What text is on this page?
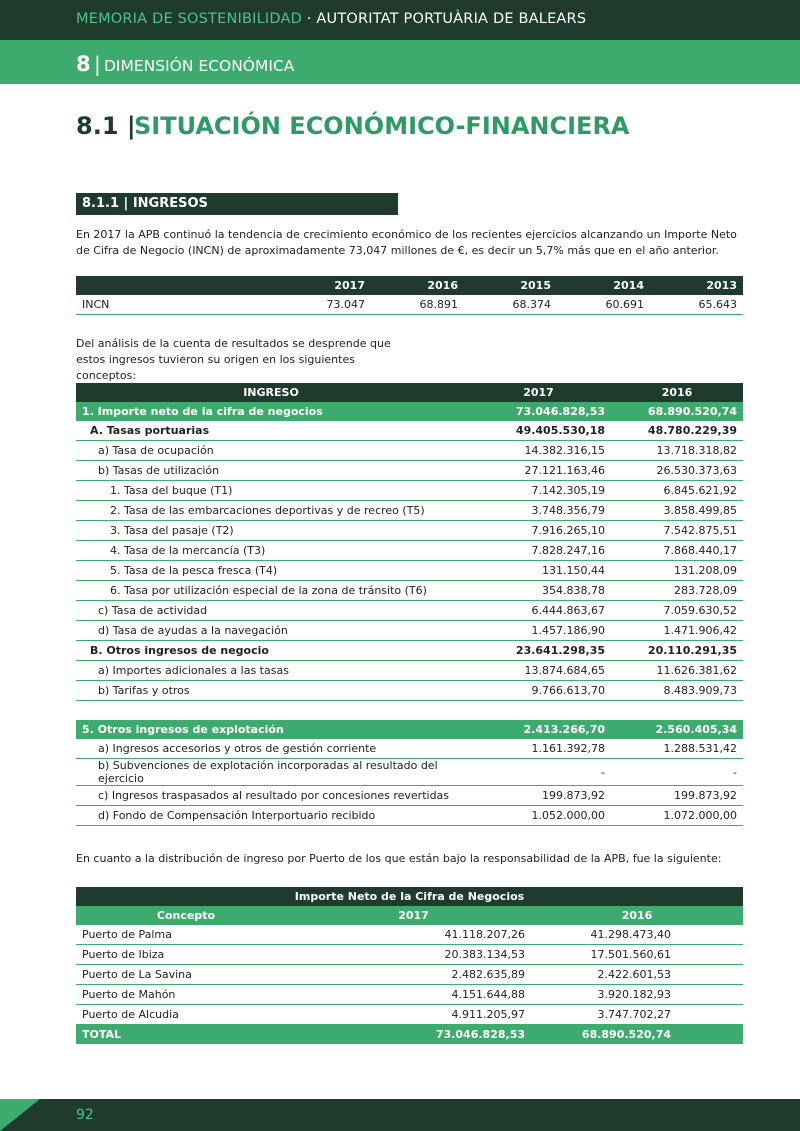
MEMORIA DE SOSTENIBILIDAD · AUTORITAT PORTUÀRIA DE BALEARS
8 | DIMENSIÓN ECONÓMICA
8.1 |
SITUACIÓN ECONÓMICO-FINANCIERA
8.1.1 | INGRESOS
En 2017 la APB continuó la tendencia de crecimiento económico de los recientes ejercicios alcanzando un Importe Neto de Cifra de Negocio (INCN) de aproximadamente 73,047 millones de €, es decir un 5,7% más que en el año anterior.
	2017	2016	2015	2014	2013
INCN	73.047	68.891	68.374	60.691	65.643
Del análisis de la cuenta de resultados se desprende que estos ingresos tuvieron su origen en los siguientes conceptos:
INGRESO	2017	2016
1. Importe neto de la cifra de negocios	73.046.828,53	68.890.520,74
A. Tasas portuarias	49.405.530,18	48.780.229,39
a) Tasa de ocupación	14.382.316,15	13.718.318,82
b) Tasas de utilización	27.121.163,46	26.530.373,63
1. Tasa del buque (T1)	7.142.305,19	6.845.621,92
2. Tasa de las embarcaciones deportivas y de recreo (T5)	3.748.356,79	3.858.499,85
3. Tasa del pasaje (T2)	7.916.265,10	7.542.875,51
4. Tasa de la mercancía (T3)	7.828.247,16	7.868.440,17
5. Tasa de la pesca fresca (T4)	131.150,44	131.208,09
6. Tasa por utilización especial de la zona de tránsito (T6)	354.838,78	283.728,09
c) Tasa de actividad	6.444.863,67	7.059.630,52
d) Tasa de ayudas a la navegación	1.457.186,90	1.471.906,42
B. Otros ingresos de negocio	23.641.298,35	20.110.291,35
a) Importes adicionales a las tasas	13.874.684,65	11.626.381,62
b) Tarifas y otros	9.766.613,70	8.483.909,73
5. Otros ingresos de explotación	2.413.266,70	2.560.405,34
a) Ingresos accesorios y otros de gestión corriente	1.161.392,78	1.288.531,42
b) Subvenciones de explotación incorporadas al resultado del ejercicio	-	-
c) Ingresos traspasados al resultado por concesiones revertidas	199.873,92	199.873,92
d) Fondo de Compensación Interportuario recibido	1.052.000,00	1.072.000,00
En cuanto a la distribución de ingreso por Puerto de los que están bajo la responsabilidad de la APB, fue la siguiente:
Importe Neto de la Cifra de Negocios		
Concepto	2017	2016
Puerto de Palma	41.118.207,26	41.298.473,40
Puerto de Ibiza	20.383.134,53	17.501.560,61
Puerto de La Savina	2.482.635,89	2.422.601,53
Puerto de Mahón	4.151.644,88	3.920.182,93
Puerto de Alcudia	4.911.205,97	3.747.702,27
TOTAL	73.046.828,53	68.890.520,74
92
